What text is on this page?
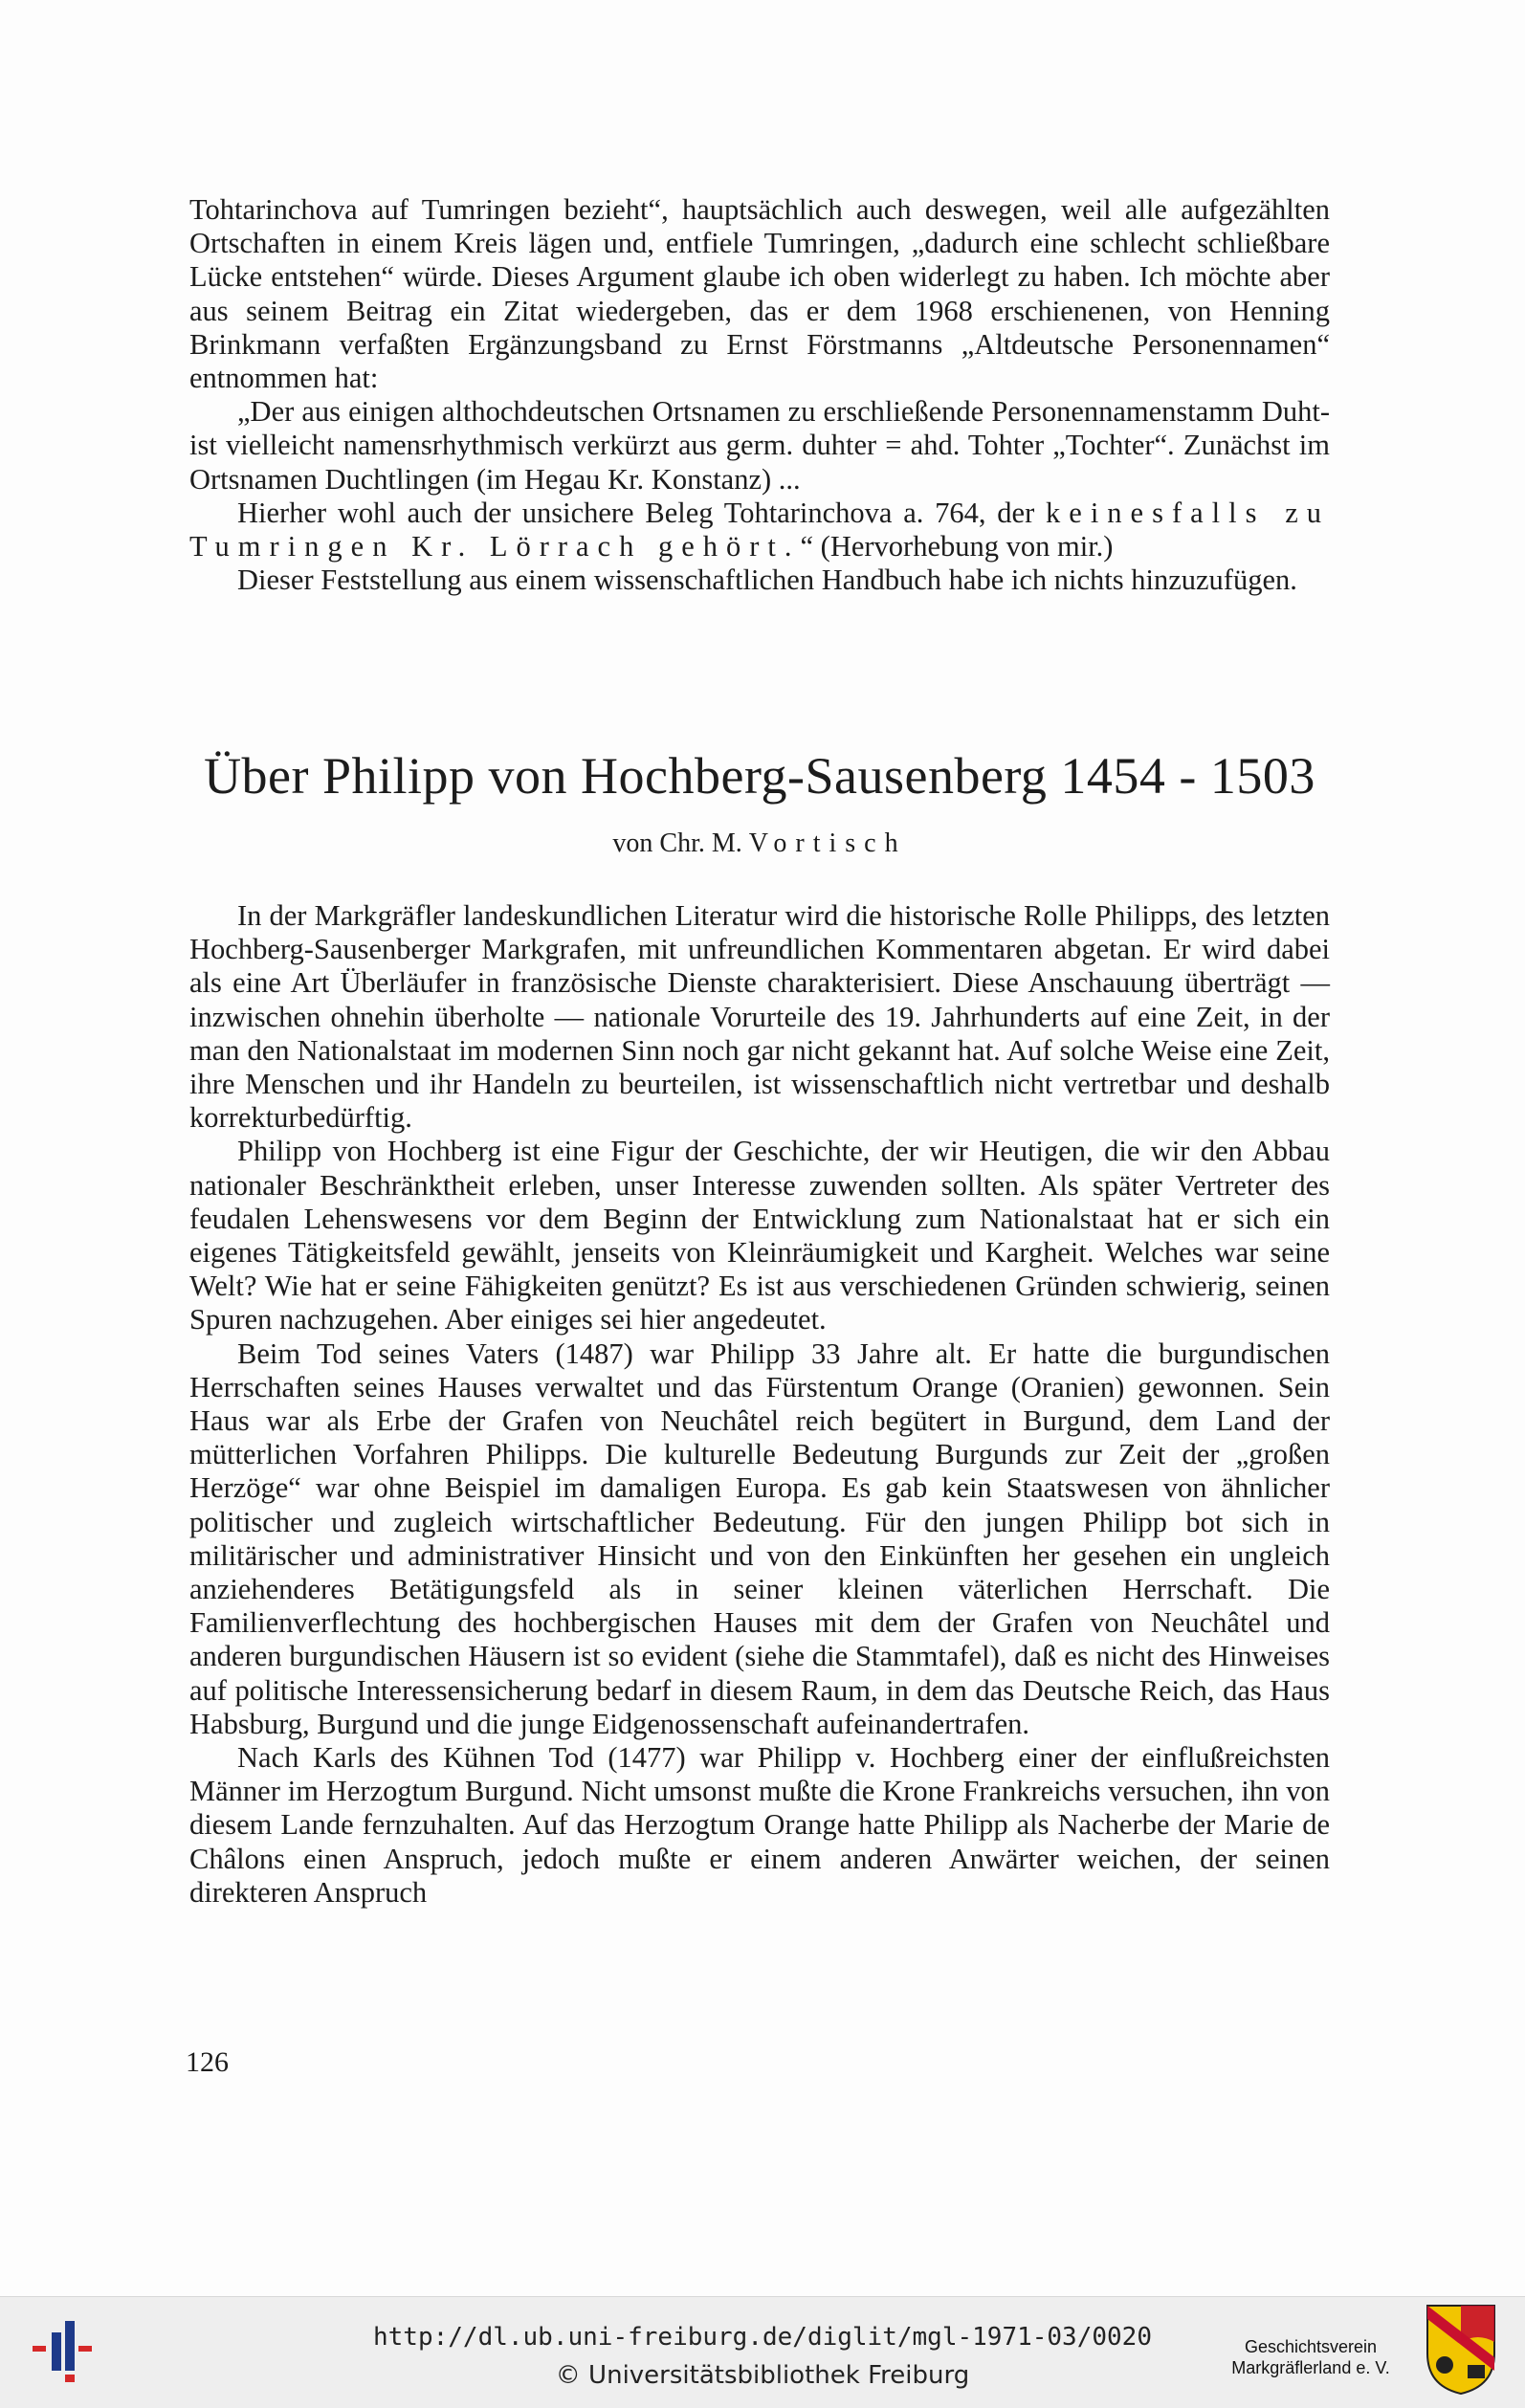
Tohtarinchova auf Tumringen bezieht“, hauptsächlich auch deswegen, weil alle aufgezählten Ortschaften in einem Kreis lägen und, entfiele Tumringen, „dadurch eine schlecht schließbare Lücke entstehen“ würde. Dieses Argument glaube ich oben widerlegt zu haben. Ich möchte aber aus seinem Beitrag ein Zitat wiedergeben, das er dem 1968 erschienenen, von Henning Brinkmann verfaßten Ergänzungsband zu Ernst Förstmanns „Altdeutsche Personennamen“ entnommen hat:

„Der aus einigen althochdeutschen Ortsnamen zu erschließende Personennamenstamm Duht- ist vielleicht namensrhythmisch verkürzt aus germ. duhter = ahd. Tohter „Tochter“. Zunächst im Ortsnamen Duchtlingen (im Hegau Kr. Konstanz) ...

Hierher wohl auch der unsichere Beleg Tohtarinchova a. 764, der keinesfalls zu Tumringen Kr. Lörrach gehört.“ (Hervorhebung von mir.)

Dieser Feststellung aus einem wissenschaftlichen Handbuch habe ich nichts hinzuzufügen.

Über Philipp von Hochberg-Sausenberg 1454 - 1503
von Chr. M. Vortisch

In der Markgräfler landeskundlichen Literatur wird die historische Rolle Philipps, des letzten Hochberg-Sausenberger Markgrafen, mit unfreundlichen Kommentaren abgetan. Er wird dabei als eine Art Überläufer in französische Dienste charakterisiert. Diese Anschauung überträgt — inzwischen ohnehin überholte — nationale Vorurteile des 19. Jahrhunderts auf eine Zeit, in der man den Nationalstaat im modernen Sinn noch gar nicht gekannt hat. Auf solche Weise eine Zeit, ihre Menschen und ihr Handeln zu beurteilen, ist wissenschaftlich nicht vertretbar und deshalb korrekturbedürftig.

Philipp von Hochberg ist eine Figur der Geschichte, der wir Heutigen, die wir den Abbau nationaler Beschränktheit erleben, unser Interesse zuwenden sollten. Als später Vertreter des feudalen Lehenswesens vor dem Beginn der Entwicklung zum Nationalstaat hat er sich ein eigenes Tätigkeitsfeld gewählt, jenseits von Kleinräumigkeit und Kargheit. Welches war seine Welt? Wie hat er seine Fähigkeiten genützt? Es ist aus verschiedenen Gründen schwierig, seinen Spuren nachzugehen. Aber einiges sei hier angedeutet.

Beim Tod seines Vaters (1487) war Philipp 33 Jahre alt. Er hatte die burgundischen Herrschaften seines Hauses verwaltet und das Fürstentum Orange (Oranien) gewonnen. Sein Haus war als Erbe der Grafen von Neuchâtel reich begütert in Burgund, dem Land der mütterlichen Vorfahren Philipps. Die kulturelle Bedeutung Burgunds zur Zeit der „großen Herzöge“ war ohne Beispiel im damaligen Europa. Es gab kein Staatswesen von ähnlicher politischer und zugleich wirtschaftlicher Bedeutung. Für den jungen Philipp bot sich in militärischer und administrativer Hinsicht und von den Einkünften her gesehen ein ungleich anziehenderes Betätigungsfeld als in seiner kleinen väterlichen Herrschaft. Die Familienverflechtung des hochbergischen Hauses mit dem der Grafen von Neuchâtel und anderen burgundischen Häusern ist so evident (siehe die Stammtafel), daß es nicht des Hinweises auf politische Interessensicherung bedarf in diesem Raum, in dem das Deutsche Reich, das Haus Habsburg, Burgund und die junge Eidgenossenschaft aufeinandertrafen.

Nach Karls des Kühnen Tod (1477) war Philipp v. Hochberg einer der einflußreichsten Männer im Herzogtum Burgund. Nicht umsonst mußte die Krone Frankreichs versuchen, ihn von diesem Lande fernzuhalten. Auf das Herzogtum Orange hatte Philipp als Nacherbe der Marie de Châlons einen Anspruch, jedoch mußte er einem anderen Anwärter weichen, der seinen direkteren Anspruch

126
http://dl.ub.uni-freiburg.de/diglit/mgl-1971-03/0020
© Universitätsbibliothek Freiburg
Geschichtsverein
Markgräflerland e. V.
